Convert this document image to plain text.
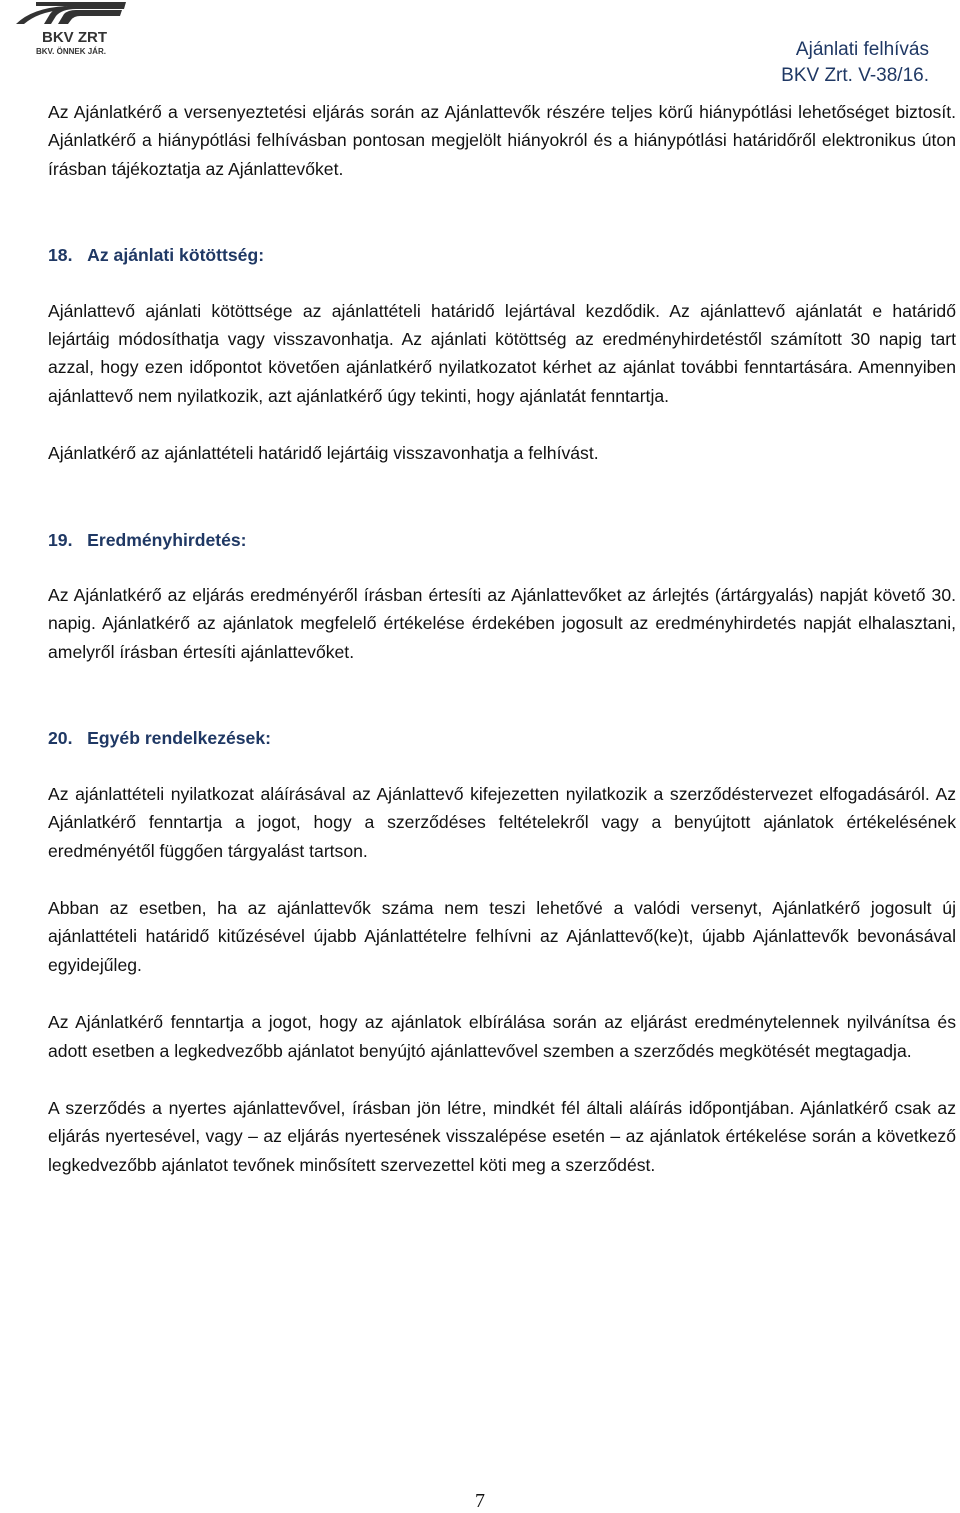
BKV ZRT
BKV. ÖNNEK JÁR.	Ajánlati felhívás
BKV Zrt. V-38/16.

Az Ajánlatkérő a versenyeztetési eljárás során az Ajánlattevők részére teljes körű hiánypótlási lehetőséget biztosít. Ajánlatkérő a hiánypótlási felhívásban pontosan megjelölt hiányokról és a hiánypótlási határidőről elektronikus úton írásban tájékoztatja az Ajánlattevőket.

18. Az ajánlati kötöttség:

Ajánlattevő ajánlati kötöttsége az ajánlattételi határidő lejártával kezdődik. Az ajánlattevő ajánlatát e határidő lejártáig módosíthatja vagy visszavonhatja. Az ajánlati kötöttség az eredményhirdetéstől számított 30 napig tart azzal, hogy ezen időpontot követően ajánlatkérő nyilatkozatot kérhet az ajánlat további fenntartására. Amennyiben ajánlattevő nem nyilatkozik, azt ajánlatkérő úgy tekinti, hogy ajánlatát fenntartja.

Ajánlatkérő az ajánlattételi határidő lejártáig visszavonhatja a felhívást.

19. Eredményhirdetés:

Az Ajánlatkérő az eljárás eredményéről írásban értesíti az Ajánlattevőket az árlejtés (ártárgyalás) napját követő 30. napig. Ajánlatkérő az ajánlatok megfelelő értékelése érdekében jogosult az eredményhirdetés napját elhalasztani, amelyről írásban értesíti ajánlattevőket.

20. Egyéb rendelkezések:

Az ajánlattételi nyilatkozat aláírásával az Ajánlattevő kifejezetten nyilatkozik a szerződéstervezet elfogadásáról. Az Ajánlatkérő fenntartja a jogot, hogy a szerződéses feltételekről vagy a benyújtott ajánlatok értékelésének eredményétől függően tárgyalást tartson.

Abban az esetben, ha az ajánlattevők száma nem teszi lehetővé a valódi versenyt, Ajánlatkérő jogosult új ajánlattételi határidő kitűzésével újabb Ajánlattételre felhívni az Ajánlattevő(ke)t, újabb Ajánlattevők bevonásával egyidejűleg.

Az Ajánlatkérő fenntartja a jogot, hogy az ajánlatok elbírálása során az eljárást eredménytelennek nyilvánítsa és adott esetben a legkedvezőbb ajánlatot benyújtó ajánlattevővel szemben a szerződés megkötését megtagadja.

A szerződés a nyertes ajánlattevővel, írásban jön létre, mindkét fél általi aláírás időpontjában. Ajánlatkérő csak az eljárás nyertesével, vagy – az eljárás nyertesének visszalépése esetén – az ajánlatok értékelése során a következő legkedvezőbb ajánlatot tevőnek minősített szervezettel köti meg a szerződést.

7
